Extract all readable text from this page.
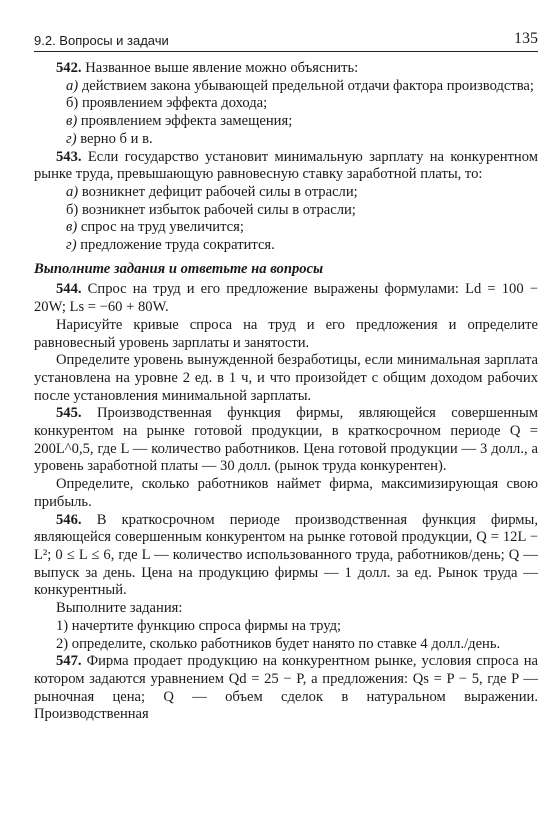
9.2. Вопросы и задачи	135

542. Названное выше явление можно объяснить:

а) действием закона убывающей предельной отдачи фактора производства;

б) проявлением эффекта дохода;

в) проявлением эффекта замещения;

г) верно б и в.

543. Если государство установит минимальную зарплату на конкурентном рынке труда, превышающую равновесную ставку заработной платы, то:

а) возникнет дефицит рабочей силы в отрасли;

б) возникнет избыток рабочей силы в отрасли;

в) спрос на труд увеличится;

г) предложение труда сократится.

Выполните задания и ответьте на вопросы

544. Спрос на труд и его предложение выражены формулами: Ld = 100 − 20W; Ls = −60 + 80W.

Нарисуйте кривые спроса на труд и его предложения и определите равновесный уровень зарплаты и занятости.

Определите уровень вынужденной безработицы, если минимальная зарплата установлена на уровне 2 ед. в 1 ч, и что произойдет с общим доходом рабочих после установления минимальной зарплаты.

545. Производственная функция фирмы, являющейся совершенным конкурентом на рынке готовой продукции, в краткосрочном периоде Q = 200L^0,5, где L — количество работников. Цена готовой продукции — 3 долл., а уровень заработной платы — 30 долл. (рынок труда конкурентен).

Определите, сколько работников наймет фирма, максимизирующая свою прибыль.

546. В краткосрочном периоде производственная функция фирмы, являющейся совершенным конкурентом на рынке готовой продукции, Q = 12L − L²; 0 ≤ L ≤ 6, где L — количество использованного труда, работников/день; Q — выпуск за день. Цена на продукцию фирмы — 1 долл. за ед. Рынок труда — конкурентный.

Выполните задания:

1) начертите функцию спроса фирмы на труд;

2) определите, сколько работников будет нанято по ставке 4 долл./день.

547. Фирма продает продукцию на конкурентном рынке, условия спроса на котором задаются уравнением Qd = 25 − P, а предложения: Qs = P − 5, где P — рыночная цена; Q — объем сделок в натуральном выражении. Производственная
